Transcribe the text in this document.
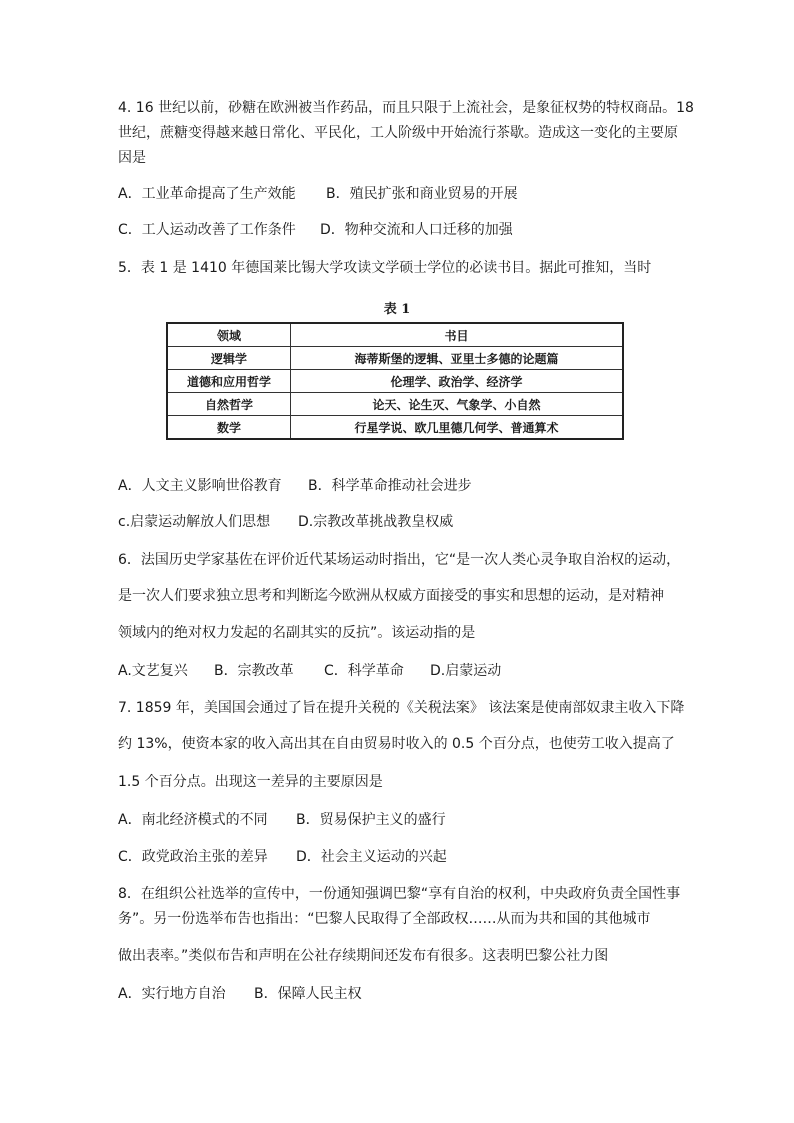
4. 16 世纪以前，砂糖在欧洲被当作药品，而且只限于上流社会，是象征权势的特权商品。18
世纪，蔗糖变得越来越日常化、平民化，工人阶级中开始流行茶歇。造成这一变化的主要原
因是
A．工业革命提高了生产效能 B．殖民扩张和商业贸易的开展
C．工人运动改善了工作条件 D．物种交流和人口迁移的加强
5．表 1 是 1410 年德国莱比锡大学攻读文学硕士学位的必读书目。据此可推知，当时
表 1
领域	书目
逻辑学	海蒂斯堡的逻辑、亚里士多德的论题篇
道德和应用哲学	伦理学、政治学、经济学
自然哲学	论天、论生灭、气象学、小自然
数学	行星学说、欧几里德几何学、普通算术
A．人文主义影响世俗教育 B．科学革命推动社会进步
c.启蒙运动解放人们思想 D.宗教改革挑战教皇权威
6．法国历史学家基佐在评价近代某场运动时指出，它“是一次人类心灵争取自治权的运动，
是一次人们要求独立思考和判断迄今欧洲从权威方面接受的事实和思想的运动，是对精神
领域内的绝对权力发起的名副其实的反抗”。该运动指的是
A.文艺复兴 B．宗教改革 C．科学革命 D.启蒙运动
7. 1859 年，美国国会通过了旨在提升关税的《关税法案》 该法案是使南部奴隶主收入下降
约 13%，使资本家的收入高出其在自由贸易时收入的 0.5 个百分点，也使劳工收入提高了
1.5 个百分点。出现这一差异的主要原因是
A．南北经济模式的不同 B．贸易保护主义的盛行
C．政党政治主张的差异 D．社会主义运动的兴起
8．在组织公社选举的宣传中，一份通知强调巴黎“享有自治的权利，中央政府负责全国性事
务”。另一份选举布告也指出：“巴黎人民取得了全部政权……从而为共和国的其他城市
做出表率。”类似布告和声明在公社存续期间还发布有很多。这表明巴黎公社力图
A．实行地方自治 B．保障人民主权
